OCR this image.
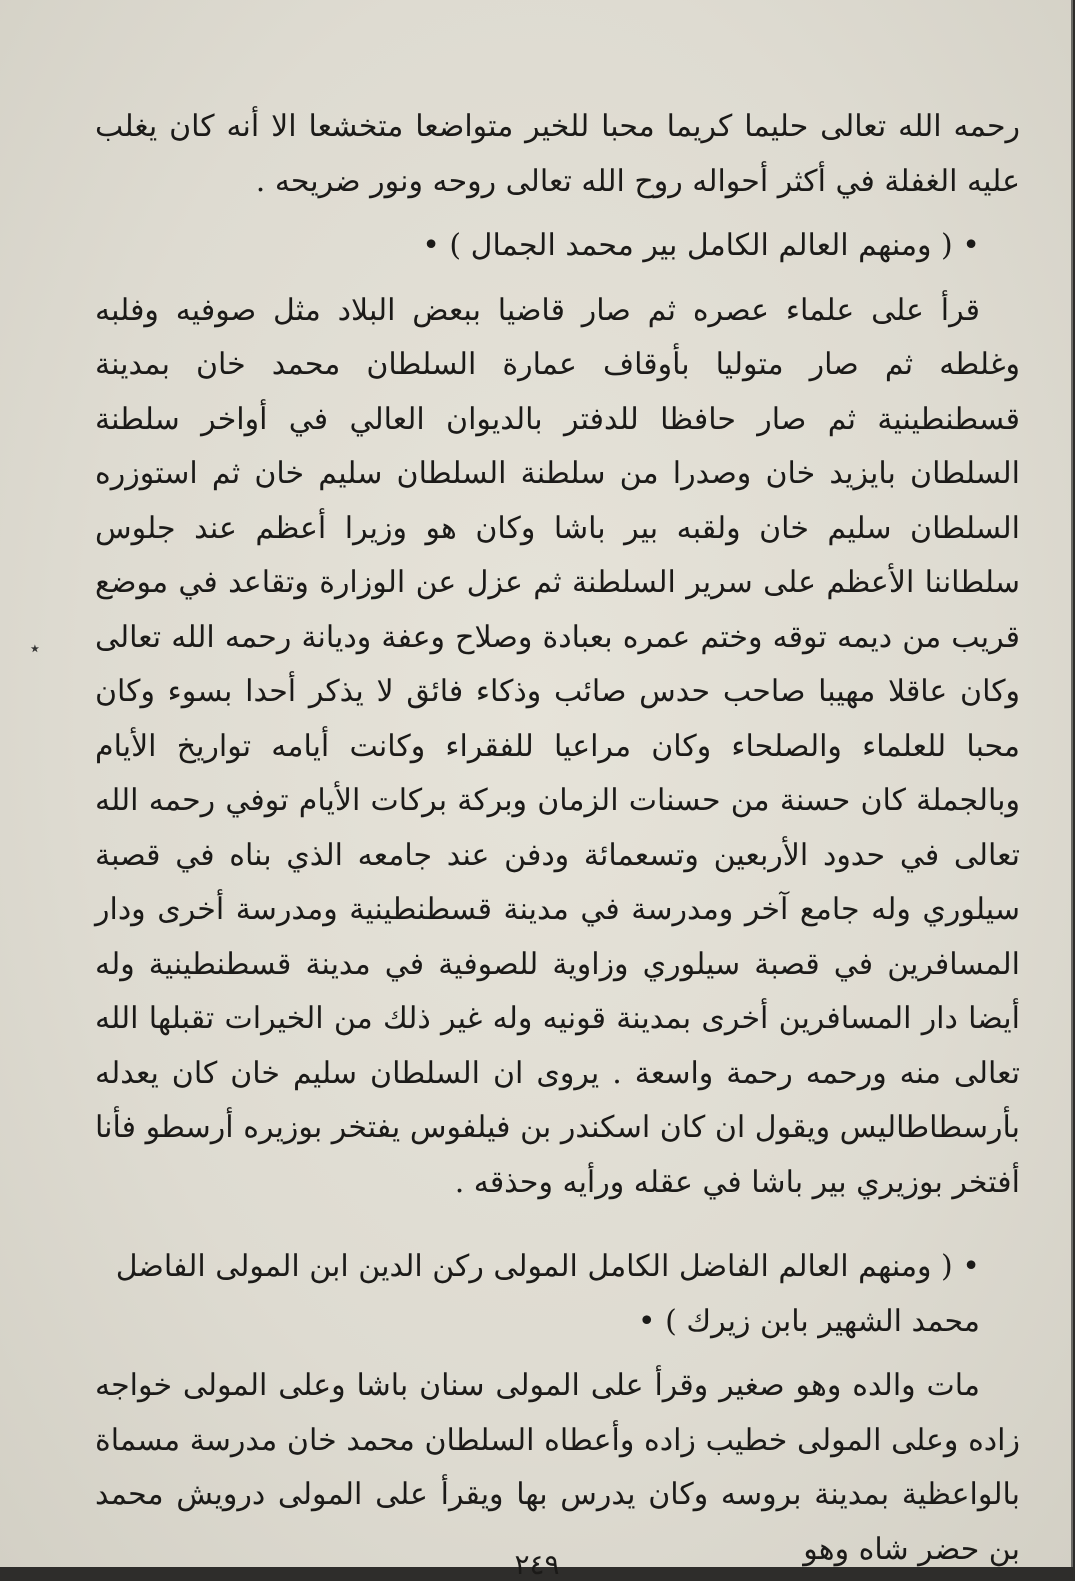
٭

رحمه الله تعالى حليما كريما محبا للخير متواضعا متخشعا الا أنه كان يغلب عليه الغفلة في أكثر أحواله روح الله تعالى روحه ونور ضريحه .

• ( ومنهم العالم الكامل بير محمد الجمال ) •

قرأ على علماء عصره ثم صار قاضيا ببعض البلاد مثل صوفيه وفلبه وغلطه ثم صار متوليا بأوقاف عمارة السلطان محمد خان بمدينة قسطنطينية ثم صار حافظا للدفتر بالديوان العالي في أواخر سلطنة السلطان بايزيد خان وصدرا من سلطنة السلطان سليم خان ثم استوزره السلطان سليم خان ولقبه بير باشا وكان هو وزيرا أعظم عند جلوس سلطاننا الأعظم على سرير السلطنة ثم عزل عن الوزارة وتقاعد في موضع قريب من ديمه توقه وختم عمره بعبادة وصلاح وعفة وديانة رحمه الله تعالى وكان عاقلا مهيبا صاحب حدس صائب وذكاء فائق لا يذكر أحدا بسوء وكان محبا للعلماء والصلحاء وكان مراعيا للفقراء وكانت أيامه تواريخ الأيام وبالجملة كان حسنة من حسنات الزمان وبركة بركات الأيام توفي رحمه الله تعالى في حدود الأربعين وتسعمائة ودفن عند جامعه الذي بناه في قصبة سيلوري وله جامع آخر ومدرسة في مدينة قسطنطينية ومدرسة أخرى ودار المسافرين في قصبة سيلوري وزاوية للصوفية في مدينة قسطنطينية وله أيضا دار المسافرين أخرى بمدينة قونيه وله غير ذلك من الخيرات تقبلها الله تعالى منه ورحمه رحمة واسعة . يروى ان السلطان سليم خان كان يعدله بأرسطاطاليس ويقول ان كان اسكندر بن فيلفوس يفتخر بوزيره أرسطو فأنا أفتخر بوزيري بير باشا في عقله ورأيه وحذقه .

• ( ومنهم العالم الفاضل الكامل المولى ركن الدين ابن المولى الفاضل محمد الشهير بابن زيرك ) •

مات والده وهو صغير وقرأ على المولى سنان باشا وعلى المولى خواجه زاده وعلى المولى خطيب زاده وأعطاه السلطان محمد خان مدرسة مسماة بالواعظية بمدينة بروسه وكان يدرس بها ويقرأ على المولى درويش محمد بن حضر شاه وهو

٢٤٩
